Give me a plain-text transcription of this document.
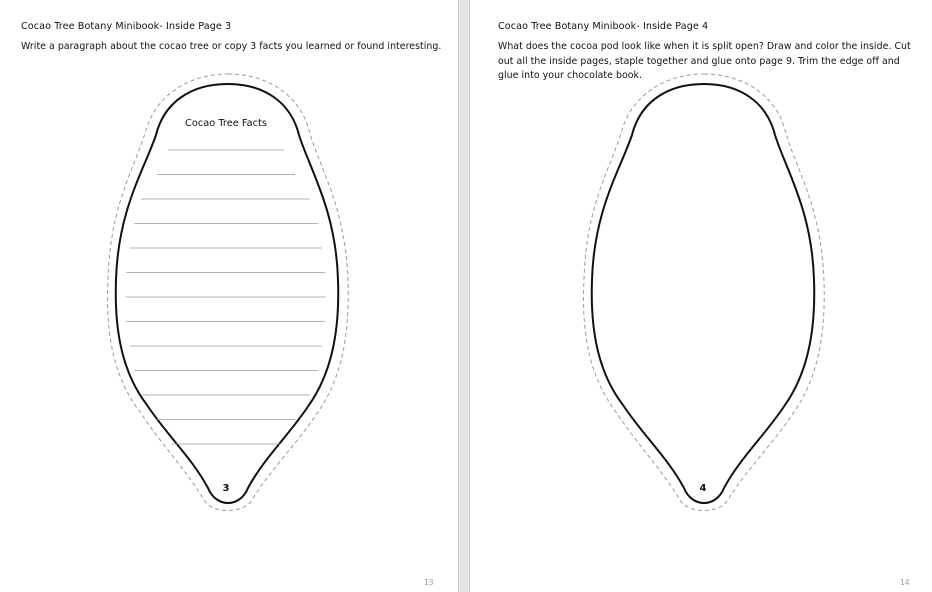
Cocao Tree Botany Minibook- Inside Page 3
Write a paragraph about the cocao tree or copy 3 facts you learned or found interesting.
Cocao Tree Facts
3
13
Cocao Tree Botany Minibook- Inside Page 4
What does the cocoa pod look like when it is split open? Draw and color the inside. Cut out all the inside pages, staple together and glue onto page 9. Trim the edge off and glue into your chocolate book.
4
14
